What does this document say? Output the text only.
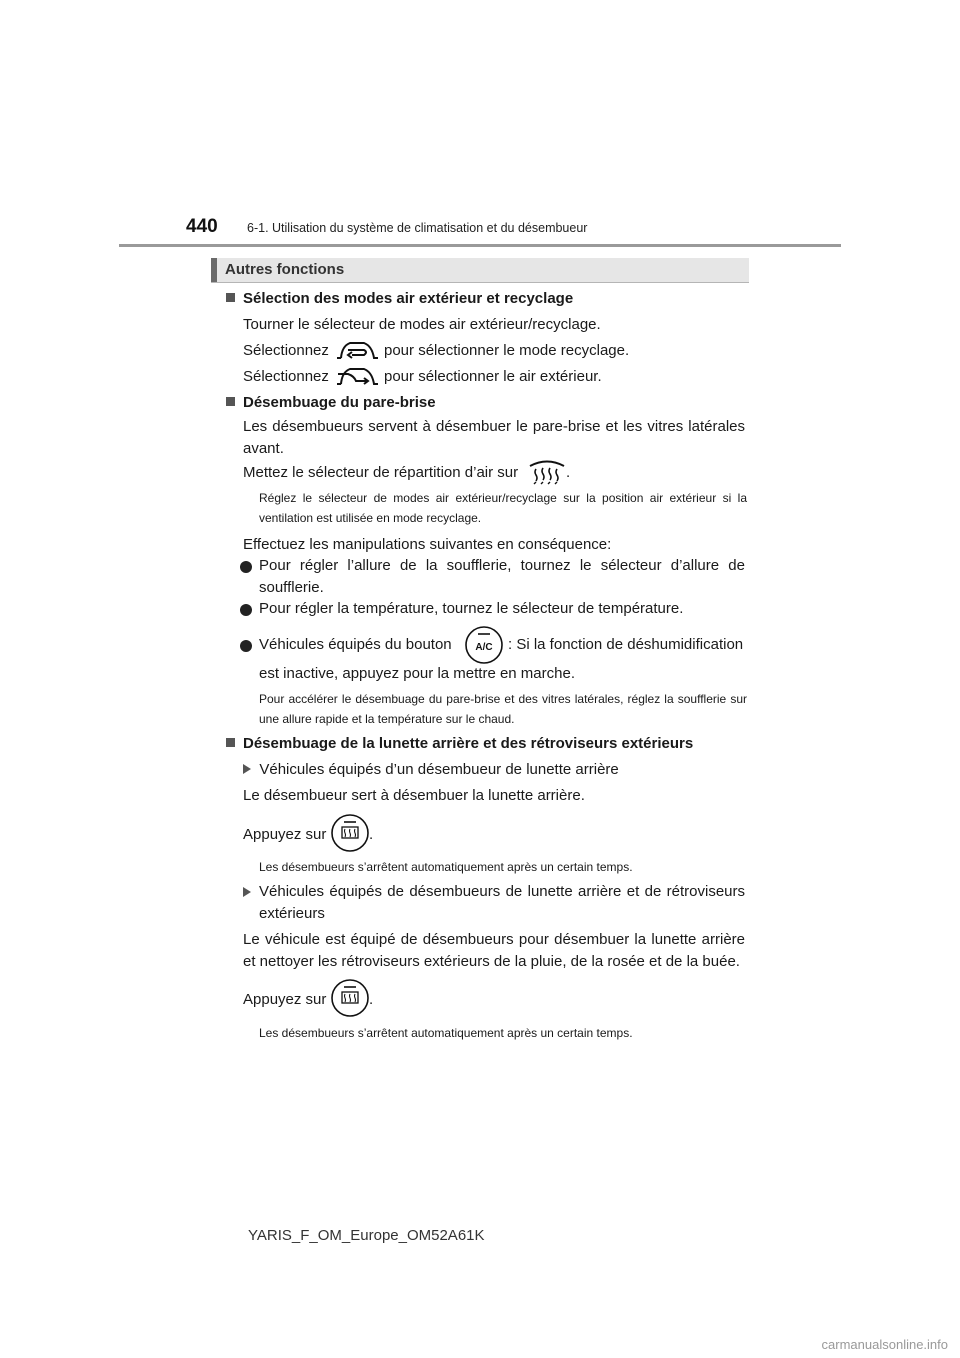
440 6-1. Utilisation du système de climatisation et du désembueur
Autres fonctions
Sélection des modes air extérieur et recyclage
Tourner le sélecteur de modes air extérieur/recyclage.
Sélectionnez	pour sélectionner le mode recyclage.
Sélectionnez	pour sélectionner le air extérieur.
Désembuage du pare-brise
Les désembueurs servent à désembuer le pare-brise et les vitres latérales avant.
Mettez le sélecteur de répartition d’air sur	.
Réglez le sélecteur de modes air extérieur/recyclage sur la position air extérieur si la ventilation est utilisée en mode recyclage.
Effectuez les manipulations suivantes en conséquence:
Pour régler l’allure de la soufflerie, tournez le sélecteur d’allure de soufflerie.
Pour régler la température, tournez le sélecteur de température.
Véhicules équipés du bouton A/C : Si la fonction de déshumidification
est inactive, appuyez pour la mettre en marche.
Pour accélérer le désembuage du pare-brise et des vitres latérales, réglez la soufflerie sur une allure rapide et la température sur le chaud.
Désembuage de la lunette arrière et des rétroviseurs extérieurs
Véhicules équipés d’un désembueur de lunette arrière
Le désembueur sert à désembuer la lunette arrière.
Appuyez sur	.
Les désembueurs s’arrêtent automatiquement après un certain temps.
Véhicules équipés de désembueurs de lunette arrière et de rétroviseurs extérieurs
Le véhicule est équipé de désembueurs pour désembuer la lunette arrière et nettoyer les rétroviseurs extérieurs de la pluie, de la rosée et de la buée.
Appuyez sur	.
Les désembueurs s’arrêtent automatiquement après un certain temps.
YARIS_F_OM_Europe_OM52A61K
carmanualsonline.info
